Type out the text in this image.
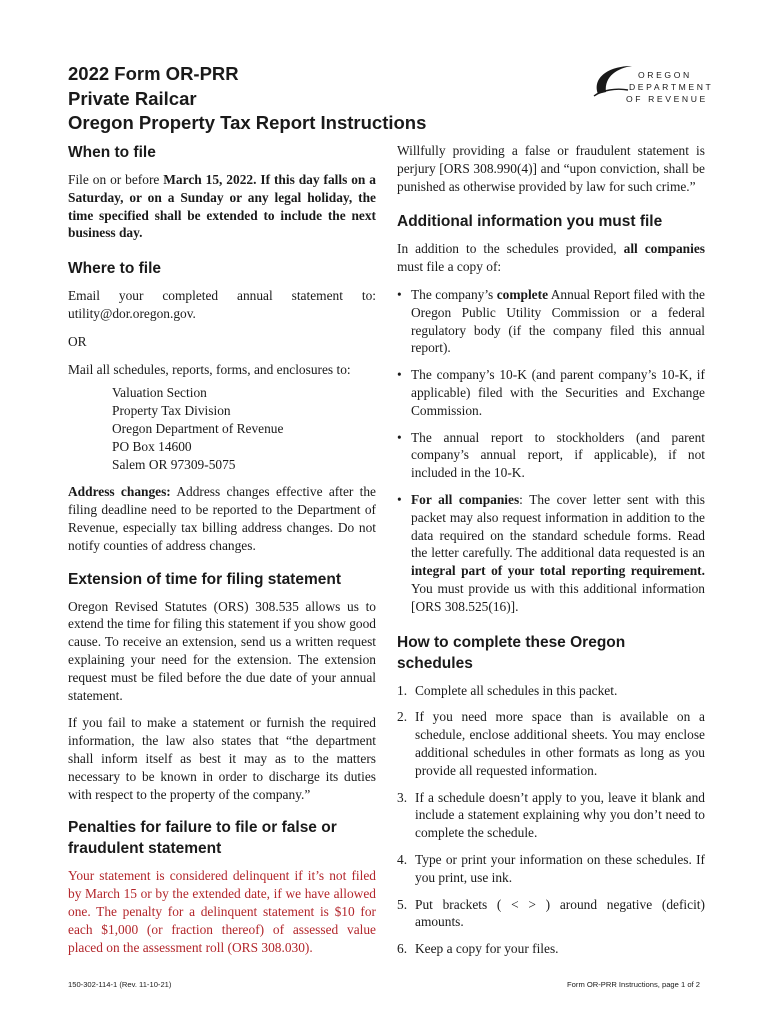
2022 Form OR-PRR
Private Railcar
Oregon Property Tax Report Instructions
OREGON
DEPARTMENT
OF REVENUE
When to file

File on or before March 15, 2022. If this day falls on a Saturday, or on a Sunday or any legal holiday, the time specified shall be extended to include the next business day.

Where to file

Email your completed annual statement to: utility@dor.oregon.gov.

OR

Mail all schedules, reports, forms, and enclosures to:

Valuation Section
Property Tax Division
Oregon Department of Revenue
PO Box 14600
Salem OR 97309-5075

Address changes: Address changes effective after the filing deadline need to be reported to the Department of Revenue, especially tax billing address changes. Do not notify counties of address changes.

Extension of time for filing statement

Oregon Revised Statutes (ORS) 308.535 allows us to extend the time for filing this statement if you show good cause. To receive an extension, send us a written request explaining your need for the extension. The extension request must be filed before the due date of your annual statement.

If you fail to make a statement or furnish the required information, the law also states that “the department shall inform itself as best it may as to the matters necessary to be known in order to discharge its duties with respect to the property of the company.”

Penalties for failure to file or false or fraudulent statement

Your statement is considered delinquent if it’s not filed by March 15 or by the extended date, if we have allowed one. The penalty for a delinquent statement is $10 for each $1,000 (or fraction thereof) of assessed value placed on the assessment roll (ORS 308.030).

Willfully providing a false or fraudulent statement is perjury [ORS 308.990(4)] and “upon conviction, shall be punished as otherwise provided by law for such crime.”

Additional information you must file

In addition to the schedules provided, all companies must file a copy of:

• The company’s complete Annual Report filed with the Oregon Public Utility Commission or a federal regulatory body (if the company filed this annual report).
• The company’s 10-K (and parent company’s 10-K, if applicable) filed with the Securities and Exchange Commission.
• The annual report to stockholders (and parent company’s annual report, if applicable), if not included in the 10-K.
• For all companies: The cover letter sent with this packet may also request information in addition to the data required on the standard schedule forms. Read the letter carefully. The additional data requested is an integral part of your total reporting requirement. You must provide us with this additional information [ORS 308.525(16)].
How to complete these Oregon schedules
1. Complete all schedules in this packet.
2. If you need more space than is available on a schedule, enclose additional sheets. You may enclose additional schedules in other formats as long as you provide all requested information.
3. If a schedule doesn’t apply to you, leave it blank and include a statement explaining why you don’t need to complete the schedule.
4. Type or print your information on these schedules. If you print, use ink.
5. Put brackets ( < > ) around negative (deficit) amounts.
6. Keep a copy for your files.
150-302-114-1 (Rev. 11-10-21)	Form OR-PRR Instructions, page 1 of 2
